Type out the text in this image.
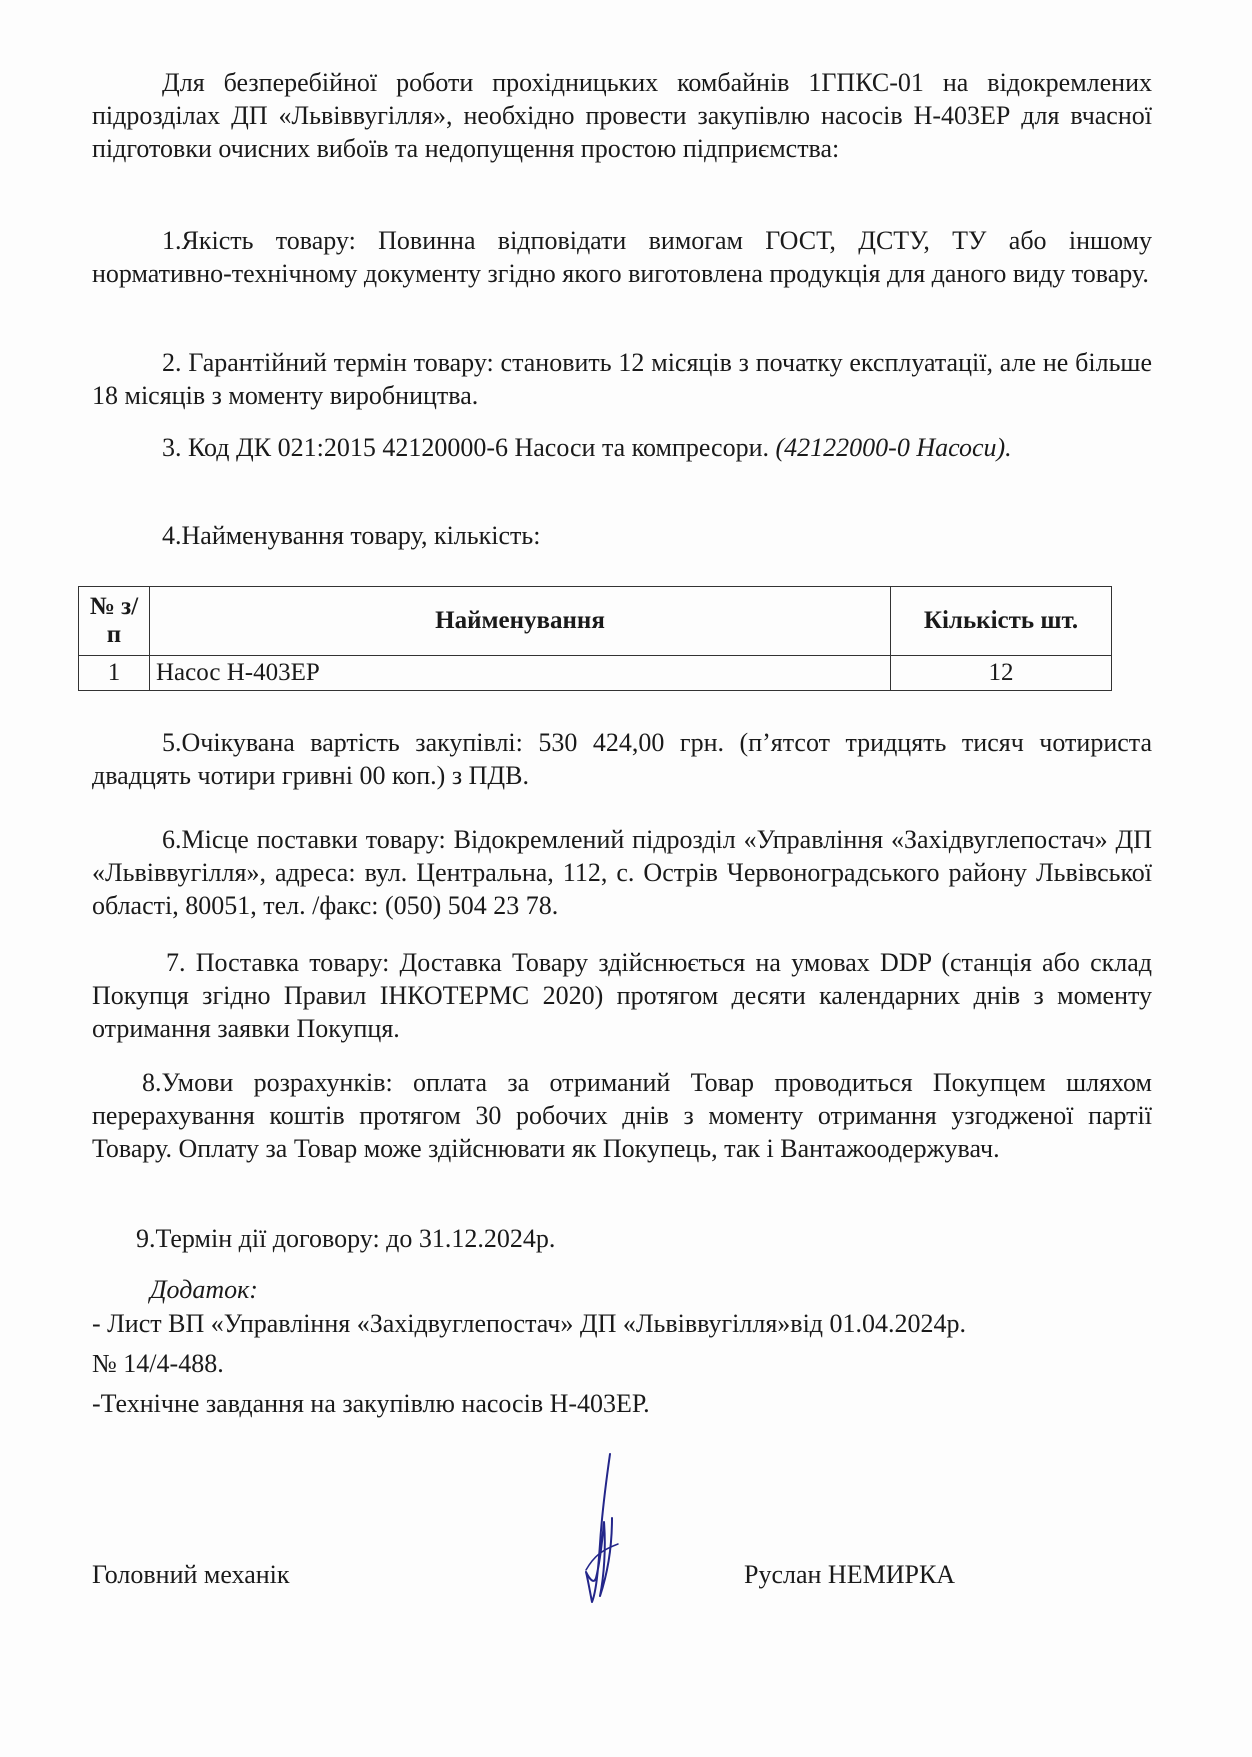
Для безперебійної роботи прохідницьких комбайнів 1ГПКС-01 на відокремлених підрозділах ДП «Львіввугілля», необхідно провести закупівлю насосів Н-403ЕР для вчасної підготовки очисних вибоїв та недопущення простою підприємства:

1.Якість товару: Повинна відповідати вимогам ГОСТ, ДСТУ, ТУ або іншому нормативно-технічному документу згідно якого виготовлена продукція для даного виду товару.

2. Гарантійний термін товару: становить 12 місяців з початку експлуатації, але не більше 18 місяців з моменту виробництва.

3. Код ДК 021:2015 42120000-6 Насоси та компресори. (42122000-0 Насоси).

4.Найменування товару, кількість:

№ з/п	Найменування	Кількість шт.
1	Насос Н-403ЕР	12

5.Очікувана вартість закупівлі: 530 424,00 грн. (п’ятсот тридцять тисяч чотириста двадцять чотири гривні 00 коп.) з ПДВ.

6.Місце поставки товару: Відокремлений підрозділ «Управління «Західвуглепостач» ДП «Львіввугілля», адреса: вул. Центральна, 112, с. Острів Червоноградського району Львівської області, 80051, тел. /факс: (050) 504 23 78.

7. Поставка товару: Доставка Товару здійснюється на умовах DDP (станція або склад Покупця згідно Правил ІНКОТЕРМС 2020) протягом десяти календарних днів з моменту отримання заявки Покупця.

8.Умови розрахунків: оплата за отриманий Товар проводиться Покупцем шляхом перерахування коштів протягом 30 робочих днів з моменту отримання узгодженої партії Товару. Оплату за Товар може здійснювати як Покупець, так і Вантажоодержувач.

9.Термін дії договору: до 31.12.2024р.

Додаток:

- Лист ВП «Управління «Західвуглепостач» ДП «Львіввугілля»від 01.04.2024р.

№ 14/4-488.

-Технічне завдання на закупівлю насосів Н-403ЕР.

Головний механік	Руслан НЕМИРКА
